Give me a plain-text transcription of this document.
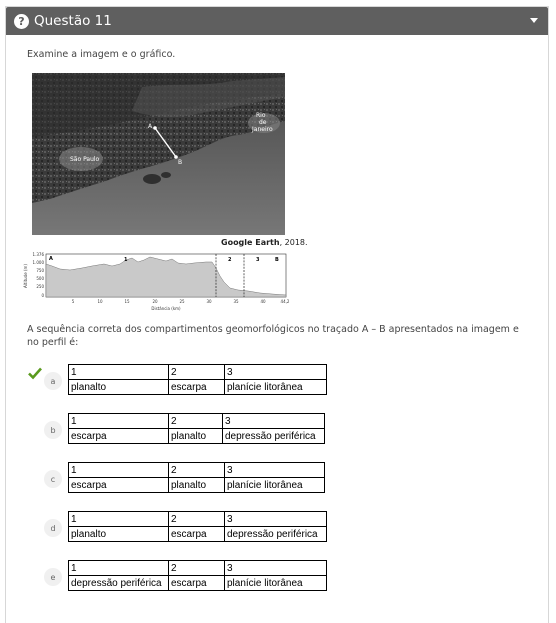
? Questão 11
Examine a imagem e o gráfico.
A
B
São Paulo
Rio
de
Janeiro
Google Earth, 2018.
A	1	2	3	B
1.376
1.000
750
500
250
0
5	10	15	20	25	30	35	40	44,2
Distância (km)
Altitude (m)
A sequência correta dos compartimentos geomorfológicos no traçado A – B apresentados na imagem e no perfil é:
a
1	2	3
planalto	escarpa	planície litorânea
b
1	2	3
escarpa	planalto	depressão periférica
c
1	2	3
escarpa	planalto	planície litorânea
d
1	2	3
planalto	escarpa	depressão periférica
e
1	2	3
depressão periférica	escarpa	planície litorânea
